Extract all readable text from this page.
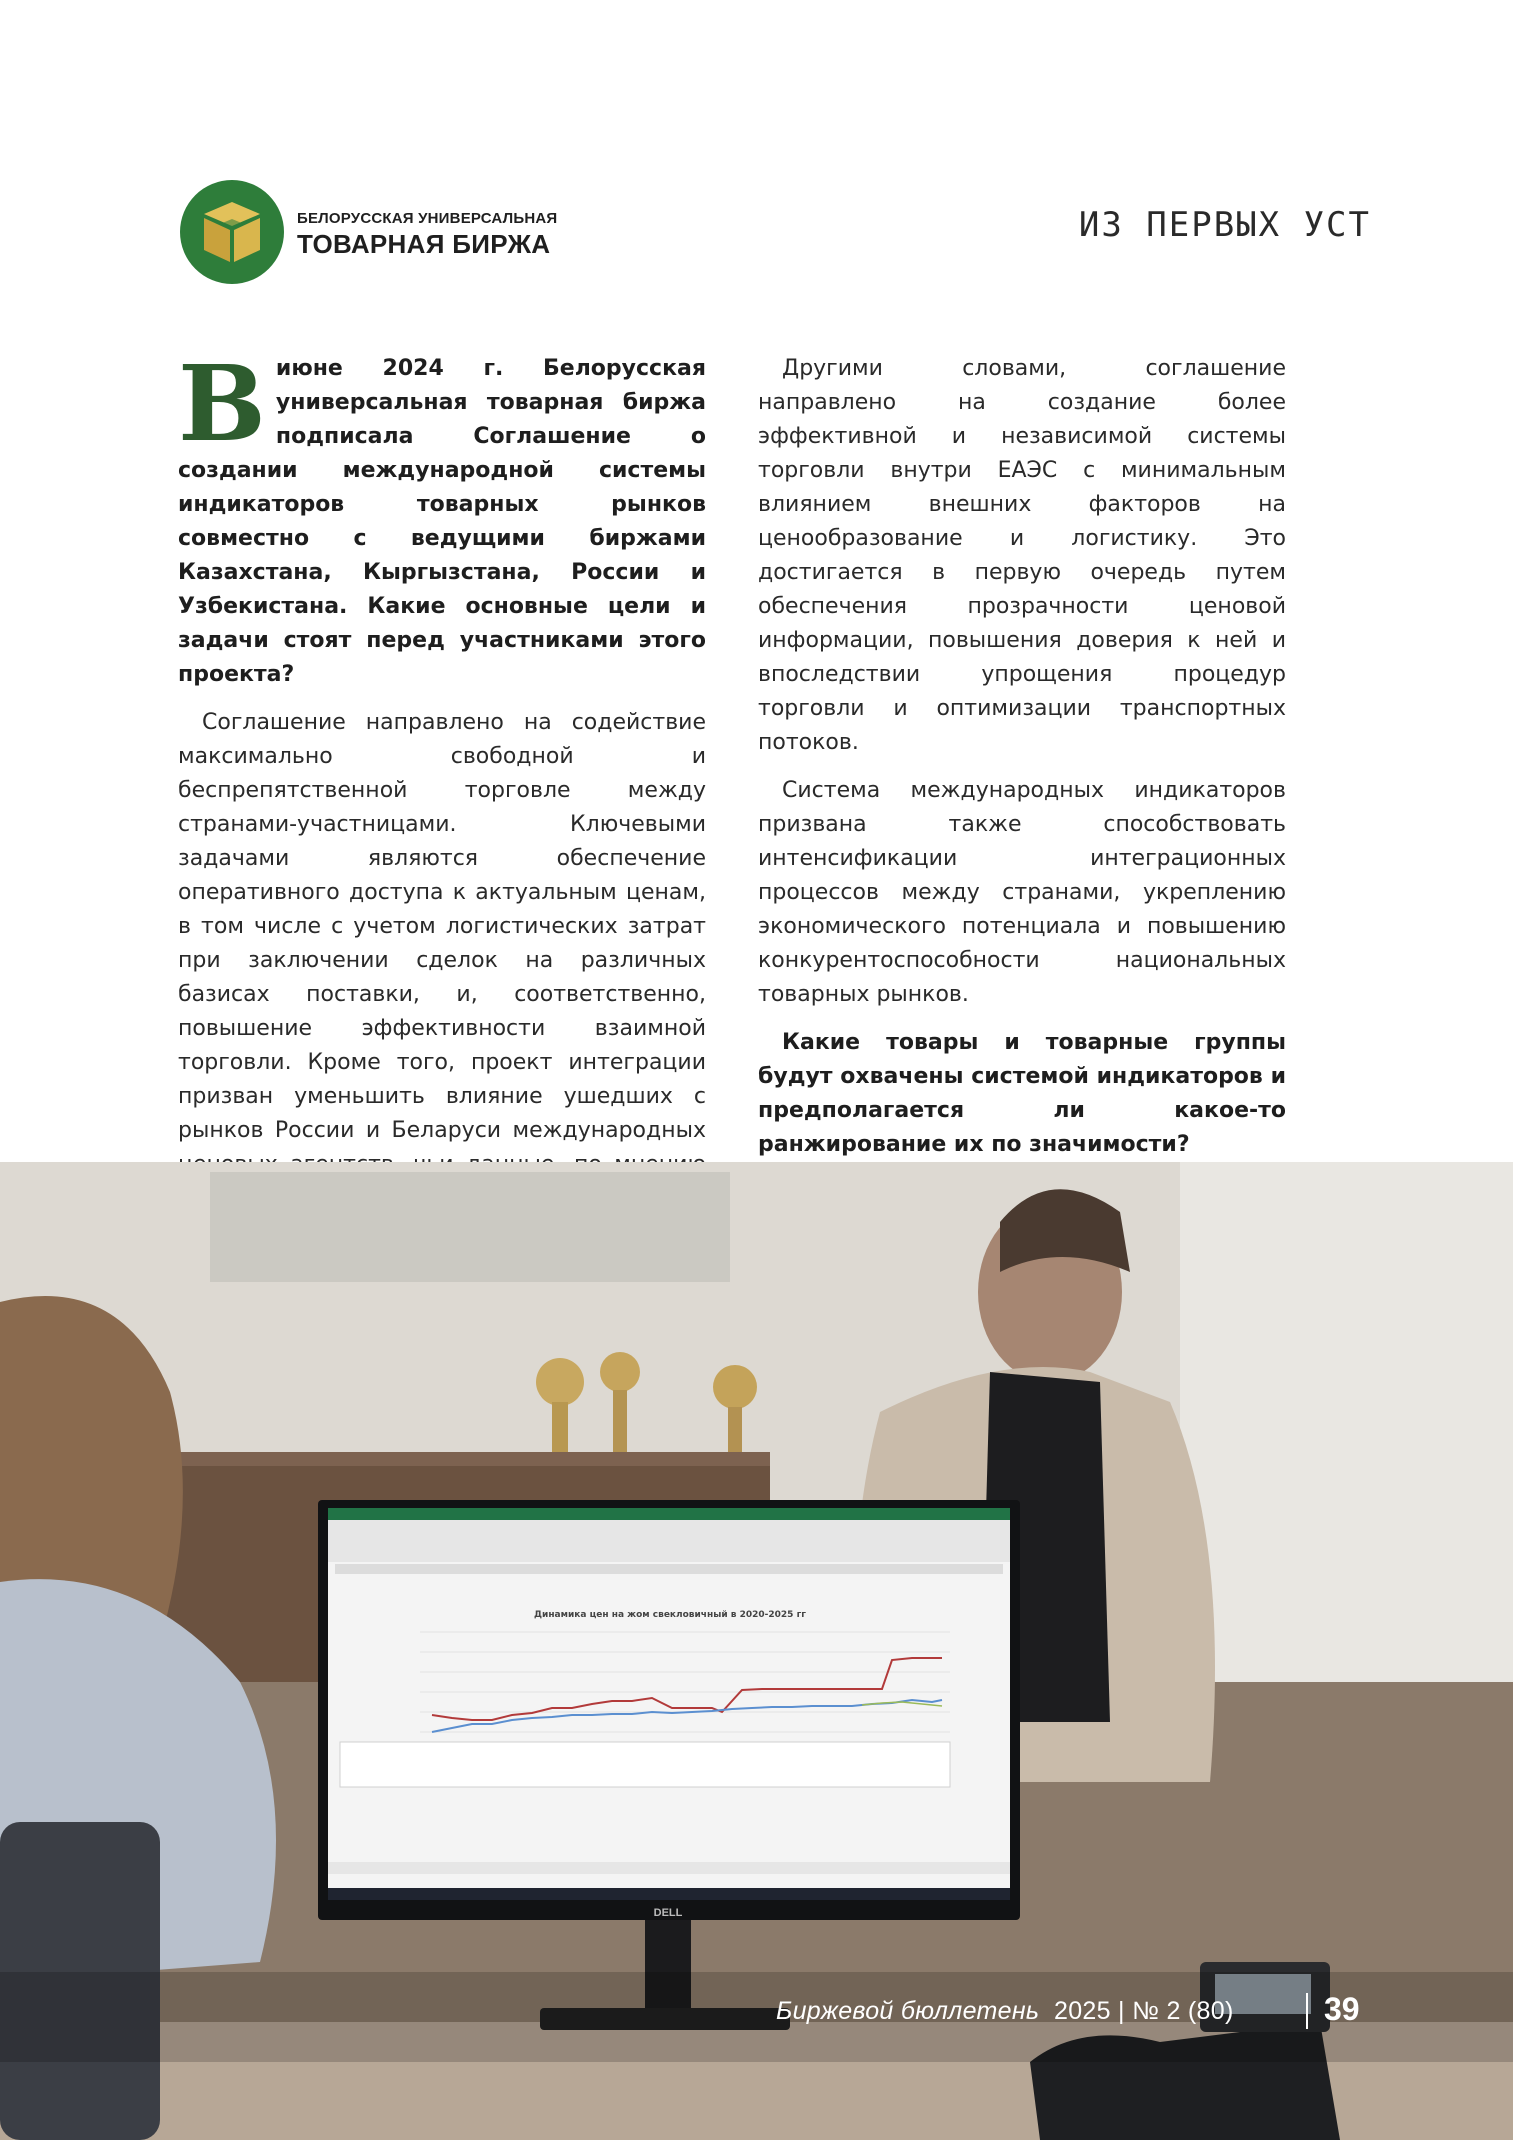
БЕЛОРУССКАЯ УНИВЕРСАЛЬНАЯ
ТОВАРНАЯ БИРЖА	ИЗ ПЕРВЫХ УСТ

В июне 2024 г. Белорусская универсальная товарная биржа подписала Соглашение о создании международной системы индикаторов товарных рынков совместно с ведущими биржами Казахстана, Кыргызстана, России и Узбекистана. Какие основные цели и задачи стоят перед участниками этого проекта?

Соглашение направлено на содействие максимально свободной и беспрепятственной торговле между странами-участницами. Ключевыми задачами являются обеспечение оперативного доступа к актуальным ценам, в том числе с учетом логистических затрат при заключении сделок на различных базисах поставки, и, соответственно, повышение эффективности взаимной торговли. Кроме того, проект интеграции призван уменьшить влияние ушедших с рынков России и Беларуси международных

Другими словами, соглашение направлено на создание более эффективной и независимой системы торговли внутри ЕАЭС с минимальным влиянием внешних факторов на ценообразование и логистику. Это достигается в первую очередь путем обеспечения прозрачности ценовой информации, повышения доверия к ней и впоследствии упрощения процедур торговли и оптимизации транспортных потоков.

Система международных индикаторов призвана также способствовать интенсификации интеграционных процессов между странами, укреплению экономического потенциала и повышению конкурентоспособности национальных товарных рынков.

Какие товары и товарные группы будут охвачены системой индикаторов и предполагается ли какое-то ранжирование их по значимости?

Динамика цен на жом свекловичный в 2020-2025 гг
DELL
Биржевой бюллетень 2025 | № 2 (80)	39
